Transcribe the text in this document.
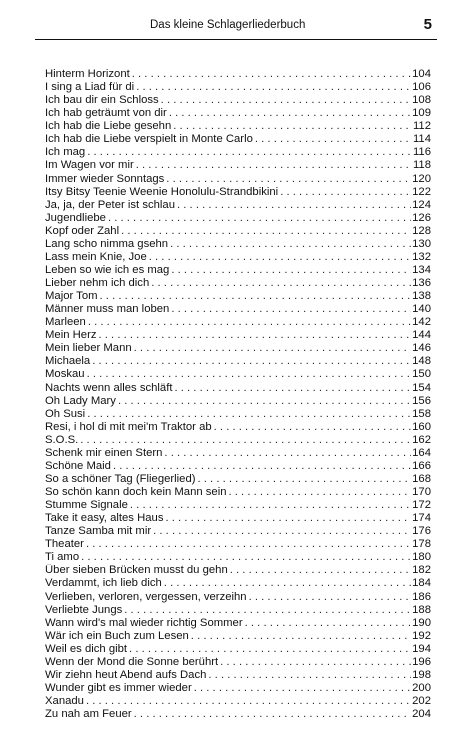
Das kleine Schlagerliederbuch	5
Hinterm Horizont . . .	104
I sing a Liad für di . . .	106
Ich bau dir ein Schloss . . .	108
Ich hab geträumt von dir . . .	109
Ich hab die Liebe gesehn . . .	112
Ich hab die Liebe verspielt in Monte Carlo . . .	114
Ich mag . . .	116
Im Wagen vor mir . . .	118
Immer wieder Sonntags . . .	120
Itsy Bitsy Teenie Weenie Honolulu-Strandbikini . . .	122
Ja, ja, der Peter ist schlau . . .	124
Jugendliebe . . .	126
Kopf oder Zahl . . .	128
Lang scho nimma gsehn . . .	130
Lass mein Knie, Joe . . .	132
Leben so wie ich es mag . . .	134
Lieber nehm ich dich . . .	136
Major Tom . . .	138
Männer muss man loben . . .	140
Marleen . . .	142
Mein Herz . . .	144
Mein lieber Mann . . .	146
Michaela . . .	148
Moskau . . .	150
Nachts wenn alles schläft . . .	154
Oh Lady Mary . . .	156
Oh Susi . . .	158
Resi, i hol di mit mei'm Traktor ab . . .	160
S.O.S. . . .	162
Schenk mir einen Stern . . .	164
Schöne Maid . . .	166
So a schöner Tag (Fliegerlied) . . .	168
So schön kann doch kein Mann sein . . .	170
Stumme Signale . . .	172
Take it easy, altes Haus . . .	174
Tanze Samba mit mir . . .	176
Theater . . .	178
Ti amo . . .	180
Über sieben Brücken musst du gehn . . .	182
Verdammt, ich lieb dich . . .	184
Verlieben, verloren, vergessen, verzeihn . . .	186
Verliebte Jungs . . .	188
Wann wird's mal wieder richtig Sommer . . .	190
Wär ich ein Buch zum Lesen . . .	192
Weil es dich gibt . . .	194
Wenn der Mond die Sonne berührt . . .	196
Wir ziehn heut Abend aufs Dach . . .	198
Wunder gibt es immer wieder . . .	200
Xanadu . . .	202
Zu nah am Feuer . . .	204
